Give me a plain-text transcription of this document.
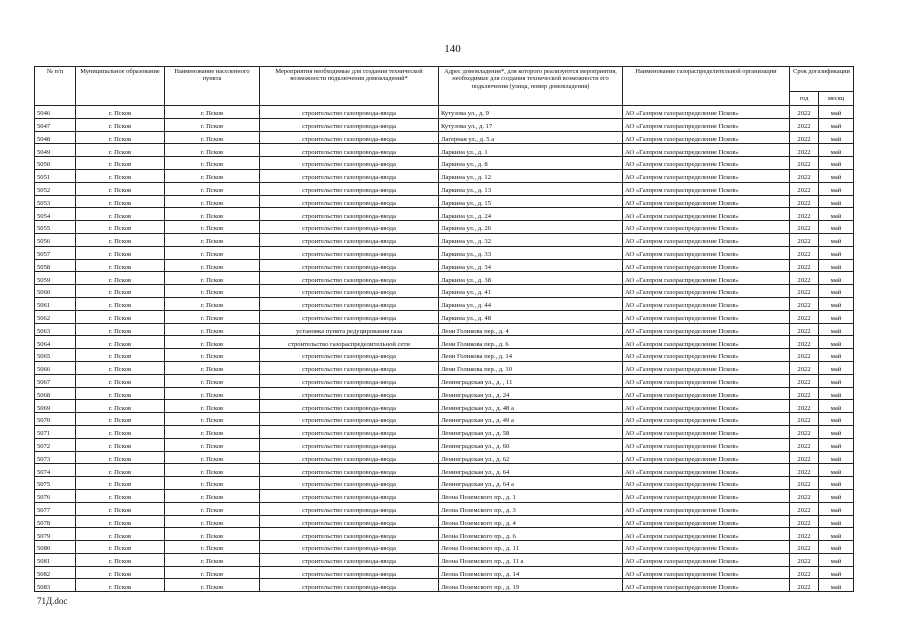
140
№ п/п	Муниципальное образование	Наименование населенного пункта	Мероприятия необходимые для создания технической возможности подключения домовладений*	Адрес домовладения*, для которого реализуются мероприятия, необходимые для создания технической возможности его подключения (улица, номер домовладения)	Наименование газораспределительной организации	Срок догазификации	
						год	месяц
5046	г. Псков	г. Псков	строительство газопровода-ввода	Кутузова ул., д. 9	АО «Газпром газораспределение Псков»	2022	май
5047	г. Псков	г. Псков	строительство газопровода-ввода	Кутузова ул., д. 17	АО «Газпром газораспределение Псков»	2022	май
5048	г. Псков	г. Псков	строительство газопровода-ввода	Лагерная ул., д. 5 а	АО «Газпром газораспределение Псков»	2022	май
5049	г. Псков	г. Псков	строительство газопровода-ввода	Ларкина ул., д. 1	АО «Газпром газораспределение Псков»	2022	май
5050	г. Псков	г. Псков	строительство газопровода-ввода	Ларкина ул., д. 8	АО «Газпром газораспределение Псков»	2022	май
5051	г. Псков	г. Псков	строительство газопровода-ввода	Ларкина ул., д. 12	АО «Газпром газораспределение Псков»	2022	май
5052	г. Псков	г. Псков	строительство газопровода-ввода	Ларкина ул., д. 13	АО «Газпром газораспределение Псков»	2022	май
5053	г. Псков	г. Псков	строительство газопровода-ввода	Ларкина ул., д. 15	АО «Газпром газораспределение Псков»	2022	май
5054	г. Псков	г. Псков	строительство газопровода-ввода	Ларкина ул., д. 24	АО «Газпром газораспределение Псков»	2022	май
5055	г. Псков	г. Псков	строительство газопровода-ввода	Ларкина ул., д. 26	АО «Газпром газораспределение Псков»	2022	май
5056	г. Псков	г. Псков	строительство газопровода-ввода	Ларкина ул., д. 32	АО «Газпром газораспределение Псков»	2022	май
5057	г. Псков	г. Псков	строительство газопровода-ввода	Ларкина ул., д. 33	АО «Газпром газораспределение Псков»	2022	май
5058	г. Псков	г. Псков	строительство газопровода-ввода	Ларкина ул., д. 34	АО «Газпром газораспределение Псков»	2022	май
5059	г. Псков	г. Псков	строительство газопровода-ввода	Ларкина ул., д. 38	АО «Газпром газораспределение Псков»	2022	май
5060	г. Псков	г. Псков	строительство газопровода-ввода	Ларкина ул., д. 41	АО «Газпром газораспределение Псков»	2022	май
5061	г. Псков	г. Псков	строительство газопровода-ввода	Ларкина ул., д. 44	АО «Газпром газораспределение Псков»	2022	май
5062	г. Псков	г. Псков	строительство газопровода-ввода	Ларкина ул., д. 48	АО «Газпром газораспределение Псков»	2022	май
5063	г. Псков	г. Псков	установка пункта редуцирования газа	Лени Голикова пер., д. 4	АО «Газпром газораспределение Псков»	2022	май
5064	г. Псков	г. Псков	строительство газораспределительной сети	Лени Голикова пер., д. 6	АО «Газпром газораспределение Псков»	2022	май
5065	г. Псков	г. Псков	строительство газопровода-ввода	Лени Голикова пер., д. 14	АО «Газпром газораспределение Псков»	2022	май
5066	г. Псков	г. Псков	строительство газопровода-ввода	Лени Голикова пер., д. 10	АО «Газпром газораспределение Псков»	2022	май
5067	г. Псков	г. Псков	строительство газопровода-ввода	Ленинградская ул., д. , 11	АО «Газпром газораспределение Псков»	2022	май
5068	г. Псков	г. Псков	строительство газопровода-ввода	Ленинградская ул., д. 24	АО «Газпром газораспределение Псков»	2022	май
5069	г. Псков	г. Псков	строительство газопровода-ввода	Ленинградская ул., д. 48 а	АО «Газпром газораспределение Псков»	2022	май
5070	г. Псков	г. Псков	строительство газопровода-ввода	Ленинградская ул., д. 49 а	АО «Газпром газораспределение Псков»	2022	май
5071	г. Псков	г. Псков	строительство газопровода-ввода	Ленинградская ул., д. 58	АО «Газпром газораспределение Псков»	2022	май
5072	г. Псков	г. Псков	строительство газопровода-ввода	Ленинградская ул., д. 60	АО «Газпром газораспределение Псков»	2022	май
5073	г. Псков	г. Псков	строительство газопровода-ввода	Ленинградская ул., д. 62	АО «Газпром газораспределение Псков»	2022	май
5074	г. Псков	г. Псков	строительство газопровода-ввода	Ленинградская ул., д. 64	АО «Газпром газораспределение Псков»	2022	май
5075	г. Псков	г. Псков	строительство газопровода-ввода	Ленинградская ул., д. 64 а	АО «Газпром газораспределение Псков»	2022	май
5076	г. Псков	г. Псков	строительство газопровода-ввода	Леона Поземского пр., д. 1	АО «Газпром газораспределение Псков»	2022	май
5077	г. Псков	г. Псков	строительство газопровода-ввода	Леона Поземского пр., д. 3	АО «Газпром газораспределение Псков»	2022	май
5078	г. Псков	г. Псков	строительство газопровода-ввода	Леона Поземского пр., д. 4	АО «Газпром газораспределение Псков»	2022	май
5079	г. Псков	г. Псков	строительство газопровода-ввода	Леона Поземского пр., д. 6	АО «Газпром газораспределение Псков»	2022	май
5080	г. Псков	г. Псков	строительство газопровода-ввода	Леона Поземского пр., д. 11	АО «Газпром газораспределение Псков»	2022	май
5081	г. Псков	г. Псков	строительство газопровода-ввода	Леона Поземского пр., д. 11 а	АО «Газпром газораспределение Псков»	2022	май
5082	г. Псков	г. Псков	строительство газопровода-ввода	Леона Поземского пр., д. 14	АО «Газпром газораспределение Псков»	2022	май
5083	г. Псков	г. Псков	строительство газопровода-ввода	Леона Поземского пр., д. 19	АО «Газпром газораспределение Псков»	2022	май
71Д.doc
